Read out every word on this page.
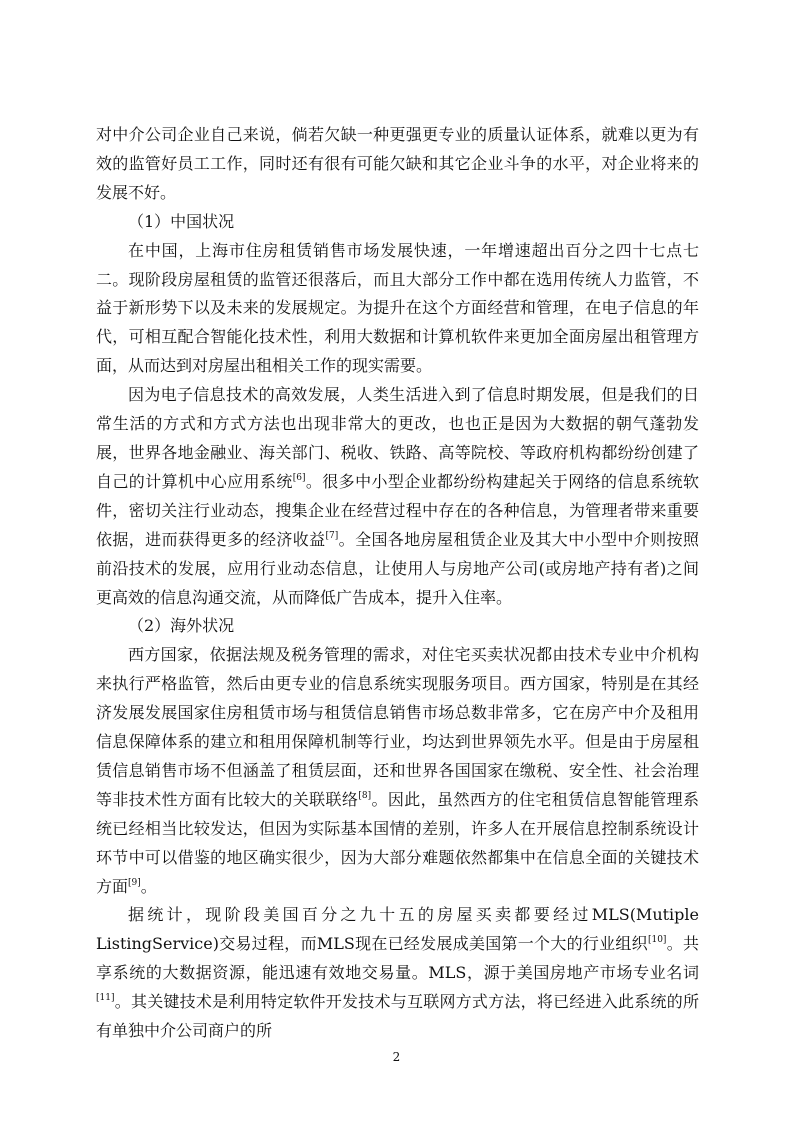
对中介公司企业自己来说，倘若欠缺一种更强更专业的质量认证体系，就难以更为有效的监管好员工工作，同时还有很有可能欠缺和其它企业斗争的水平，对企业将来的发展不好。

（1）中国状况

在中国，上海市住房租赁销售市场发展快速，一年增速超出百分之四十七点七二。现阶段房屋租赁的监管还很落后，而且大部分工作中都在选用传统人力监管，不益于新形势下以及未来的发展规定。为提升在这个方面经营和管理，在电子信息的年代，可相互配合智能化技术性，利用大数据和计算机软件来更加全面房屋出租管理方面，从而达到对房屋出租相关工作的现实需要。

因为电子信息技术的高效发展，人类生活进入到了信息时期发展，但是我们的日常生活的方式和方式方法也出现非常大的更改，也也正是因为大数据的朝气蓬勃发展，世界各地金融业、海关部门、税收、铁路、高等院校、等政府机构都纷纷创建了自己的计算机中心应用系统[6]。很多中小型企业都纷纷构建起关于网络的信息系统软件，密切关注行业动态，搜集企业在经营过程中存在的各种信息，为管理者带来重要依据，进而获得更多的经济收益[7]。全国各地房屋租赁企业及其大中小型中介则按照前沿技术的发展，应用行业动态信息，让使用人与房地产公司(或房地产持有者)之间更高效的信息沟通交流，从而降低广告成本，提升入住率。

（2）海外状况

西方国家，依据法规及税务管理的需求，对住宅买卖状况都由技术专业中介机构来执行严格监管，然后由更专业的信息系统实现服务项目。西方国家，特别是在其经济发展发展国家住房租赁市场与租赁信息销售市场总数非常多，它在房产中介及租用信息保障体系的建立和租用保障机制等行业，均达到世界领先水平。但是由于房屋租赁信息销售市场不但涵盖了租赁层面，还和世界各国国家在缴税、安全性、社会治理等非技术性方面有比较大的关联联络[8]。因此，虽然西方的住宅租赁信息智能管理系统已经相当比较发达，但因为实际基本国情的差别，许多人在开展信息控制系统设计环节中可以借鉴的地区确实很少，因为大部分难题依然都集中在信息全面的关键技术方面[9]。

据统计，现阶段美国百分之九十五的房屋买卖都要经过MLS(Mutiple ListingService)交易过程，而MLS现在已经发展成美国第一个大的行业组织[10]。共享系统的大数据资源，能迅速有效地交易量。MLS，源于美国房地产市场专业名词[11]。其关键技术是利用特定软件开发技术与互联网方式方法，将已经进入此系统的所有单独中介公司商户的所

2
